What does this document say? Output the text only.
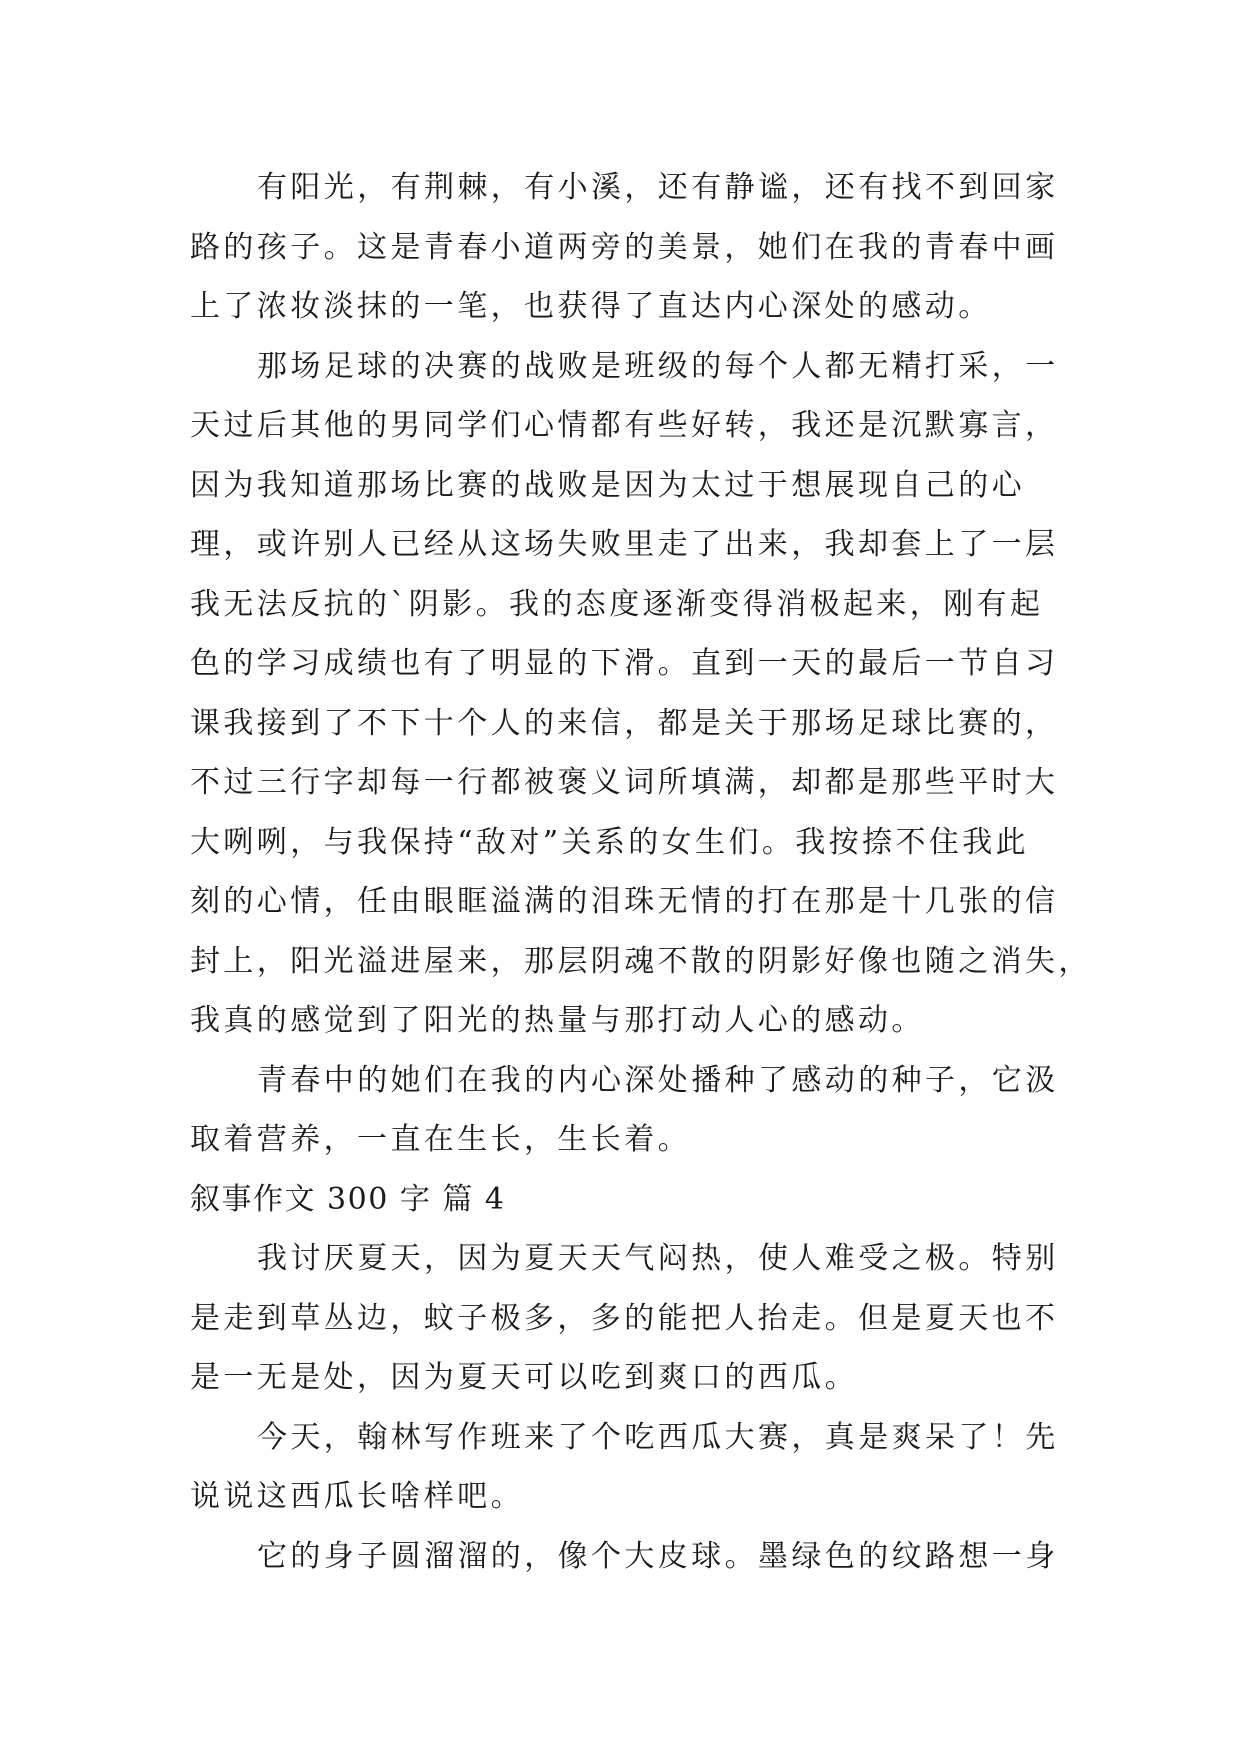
有阳光，有荆棘，有小溪，还有静谧，还有找不到回家
路的孩子。这是青春小道两旁的美景，她们在我的青春中画
上了浓妆淡抹的一笔，也获得了直达内心深处的感动。
那场足球的决赛的战败是班级的每个人都无精打采，一
天过后其他的男同学们心情都有些好转，我还是沉默寡言，
因为我知道那场比赛的战败是因为太过于想展现自己的心
理，或许别人已经从这场失败里走了出来，我却套上了一层
我无法反抗的`阴影。我的态度逐渐变得消极起来，刚有起
色的学习成绩也有了明显的下滑。直到一天的最后一节自习
课我接到了不下十个人的来信，都是关于那场足球比赛的，
不过三行字却每一行都被褒义词所填满，却都是那些平时大
大咧咧，与我保持“敌对”关系的女生们。我按捺不住我此
刻的心情，任由眼眶溢满的泪珠无情的打在那是十几张的信
封上，阳光溢进屋来，那层阴魂不散的阴影好像也随之消失，
我真的感觉到了阳光的热量与那打动人心的感动。
青春中的她们在我的内心深处播种了感动的种子，它汲
取着营养，一直在生长，生长着。
叙事作文 300 字 篇 4
我讨厌夏天，因为夏天天气闷热，使人难受之极。特别
是走到草丛边，蚊子极多，多的能把人抬走。但是夏天也不
是一无是处，因为夏天可以吃到爽口的西瓜。
今天，翰林写作班来了个吃西瓜大赛，真是爽呆了！先
说说这西瓜长啥样吧。
它的身子圆溜溜的，像个大皮球。墨绿色的纹路想一身
